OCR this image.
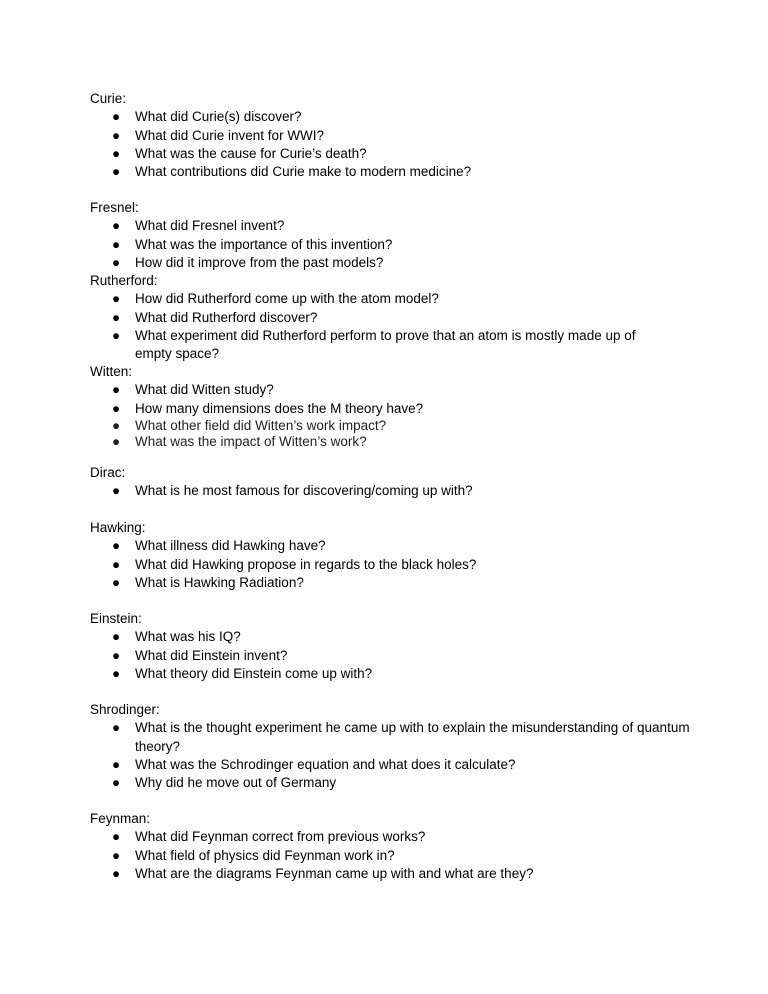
Curie:
● What did Curie(s) discover?
● What did Curie invent for WWI?
● What was the cause for Curie’s death?
● What contributions did Curie make to modern medicine?
Fresnel:
● What did Fresnel invent?
● What was the importance of this invention?
● How did it improve from the past models?
Rutherford:
● How did Rutherford come up with the atom model?
● What did Rutherford discover?
● What experiment did Rutherford perform to prove that an atom is mostly made up of empty space?
Witten:
● What did Witten study?
● How many dimensions does the M theory have?
● What other field did Witten’s work impact?
● What was the impact of Witten’s work?
Dirac:
● What is he most famous for discovering/coming up with?
Hawking:
● What illness did Hawking have?
● What did Hawking propose in regards to the black holes?
● What is Hawking Radiation?
Einstein:
● What was his IQ?
● What did Einstein invent?
● What theory did Einstein come up with?
Shrodinger:
● What is the thought experiment he came up with to explain the misunderstanding of quantum theory?
● What was the Schrodinger equation and what does it calculate?
● Why did he move out of Germany
Feynman:
● What did Feynman correct from previous works?
● What field of physics did Feynman work in?
● What are the diagrams Feynman came up with and what are they?
